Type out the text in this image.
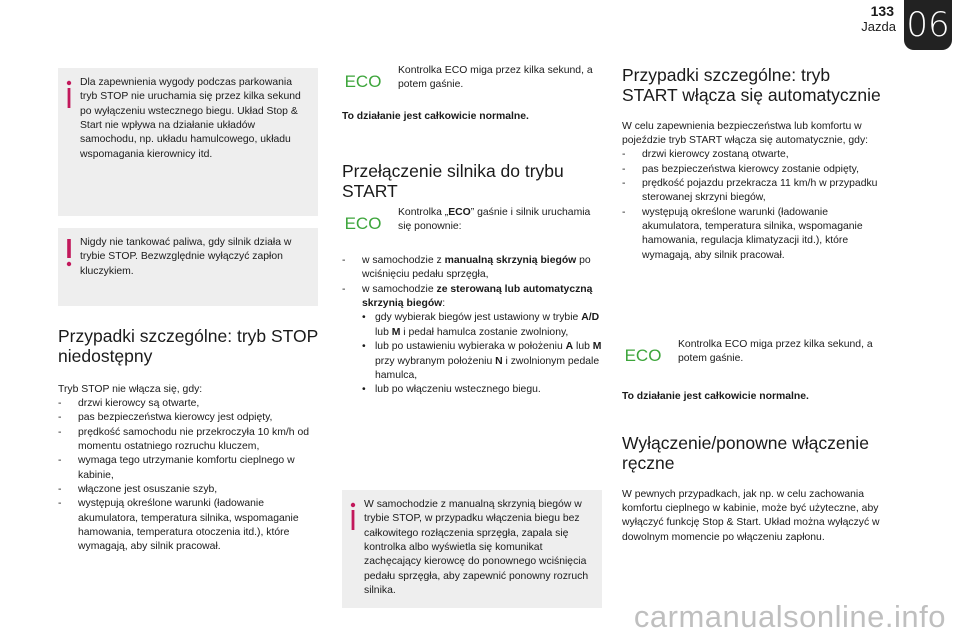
133
Jazda 06
Dla zapewnienia wygody podczas parkowania tryb STOP nie uruchamia się przez kilka sekund po wyłączeniu wstecznego biegu. Układ Stop & Start nie wpływa na działanie układów samochodu, np. układu hamulcowego, układu wspomagania kierownicy itd.
Nigdy nie tankować paliwa, gdy silnik działa w trybie STOP. Bezwzględnie wyłączyć zapłon kluczykiem.
Przypadki szczególne: tryb STOP niedostępny

Tryb STOP nie włącza się, gdy:

- drzwi kierowcy są otwarte,
- pas bezpieczeństwa kierowcy jest odpięty,
- prędkość samochodu nie przekroczyła 10 km/h od momentu ostatniego rozruchu kluczem,
- wymaga tego utrzymanie komfortu cieplnego w kabinie,
- włączone jest osuszanie szyb,
- występują określone warunki (ładowanie akumulatora, temperatura silnika, wspomaganie hamowania, temperatura otoczenia itd.), które wymagają, aby silnik pracował.
ECO
Kontrolka ECO miga przez kilka sekund, a potem gaśnie.

To działanie jest całkowicie normalne.

Przełączenie silnika do trybu START
ECO
Kontrolka „ECO” gaśnie i silnik uruchamia się ponownie:
- w samochodzie z manualną skrzynią biegów po wciśnięciu pedału sprzęgła,
- w samochodzie ze sterowaną lub automatyczną skrzynią biegów:
• gdy wybierak biegów jest ustawiony w trybie A/D lub M i pedał hamulca zostanie zwolniony,
• lub po ustawieniu wybieraka w położeniu A lub M przy wybranym położeniu N i zwolnionym pedale hamulca,
• lub po włączeniu wstecznego biegu.
W samochodzie z manualną skrzynią biegów w trybie STOP, w przypadku włączenia biegu bez całkowitego rozłączenia sprzęgła, zapala się kontrolka albo wyświetla się komunikat zachęcający kierowcę do ponownego wciśnięcia pedału sprzęgła, aby zapewnić ponowny rozruch silnika.
Przypadki szczególne: tryb START włącza się automatycznie

W celu zapewnienia bezpieczeństwa lub komfortu w pojeździe tryb START włącza się automatycznie, gdy:

- drzwi kierowcy zostaną otwarte,
- pas bezpieczeństwa kierowcy zostanie odpięty,
- prędkość pojazdu przekracza 11 km/h w przypadku sterowanej skrzyni biegów,
- występują określone warunki (ładowanie akumulatora, temperatura silnika, wspomaganie hamowania, regulacja klimatyzacji itd.), które wymagają, aby silnik pracował.
ECO
Kontrolka ECO miga przez kilka sekund, a potem gaśnie.

To działanie jest całkowicie normalne.

Wyłączenie/ponowne włączenie ręczne

W pewnych przypadkach, jak np. w celu zachowania komfortu cieplnego w kabinie, może być użyteczne, aby wyłączyć funkcję Stop & Start. Układ można wyłączyć w dowolnym momencie po włączeniu zapłonu.

carmanualsonline.info
